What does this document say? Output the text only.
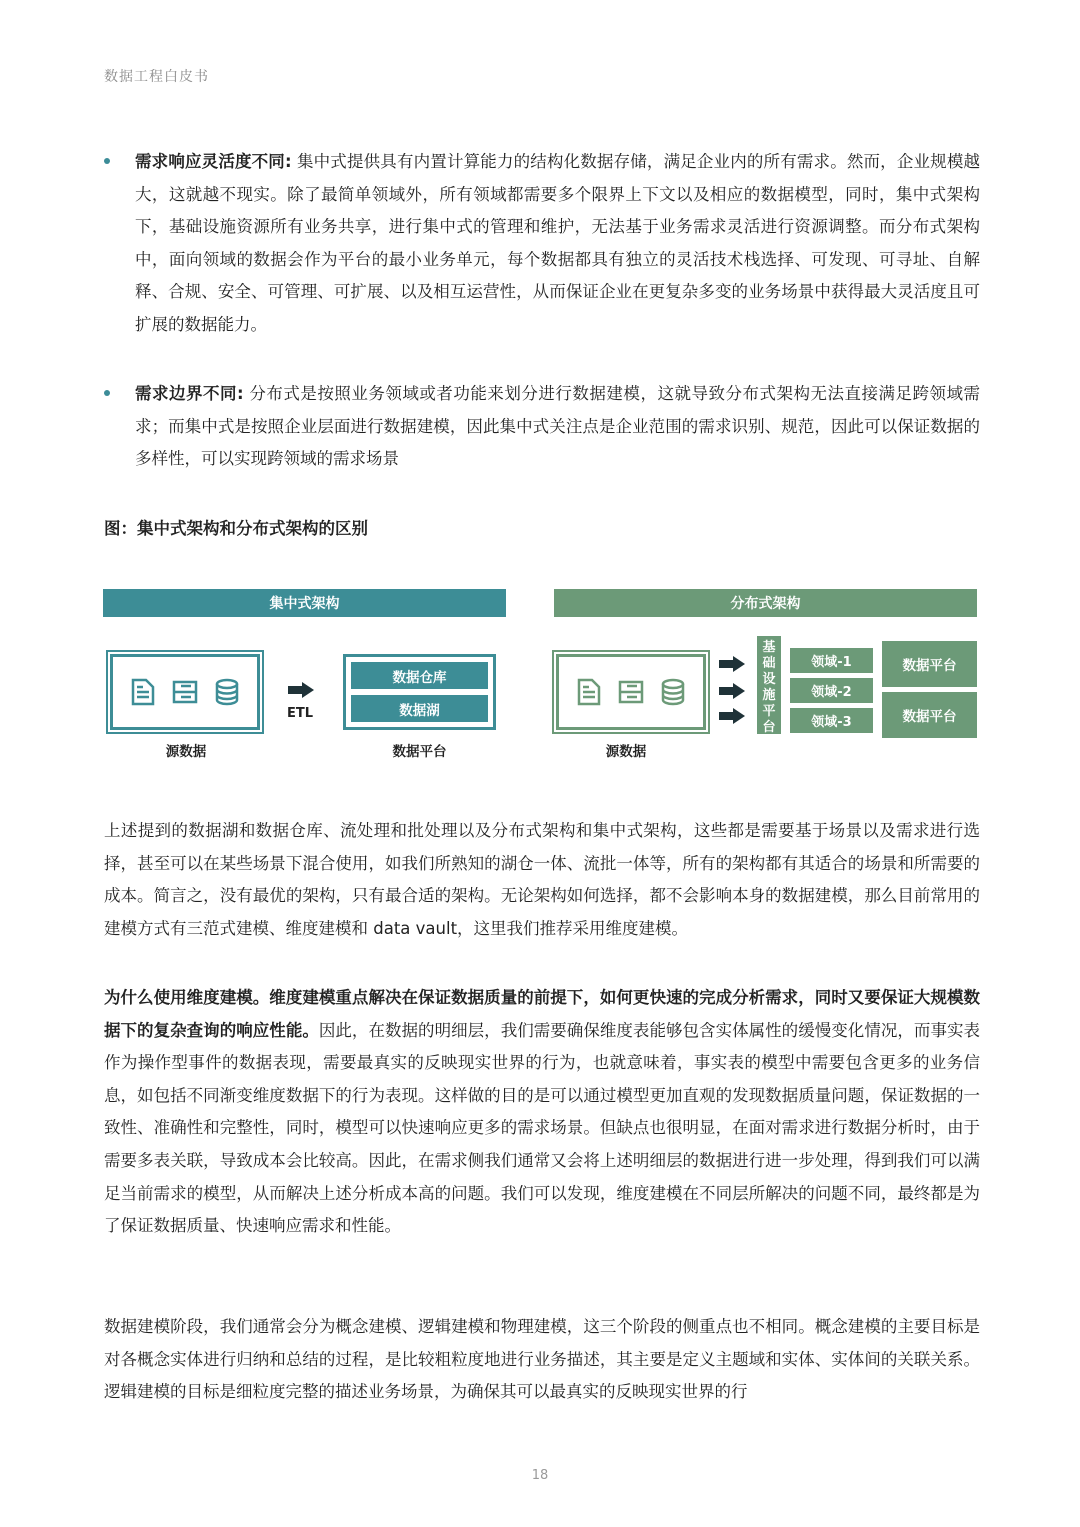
数据工程白皮书
需求响应灵活度不同: 集中式提供具有内置计算能力的结构化数据存储，满足企业内的所有需求。然而，企业规模越大，这就越不现实。除了最简单领域外，所有领域都需要多个限界上下文以及相应的数据模型，同时，集中式架构下，基础设施资源所有业务共享，进行集中式的管理和维护，无法基于业务需求灵活进行资源调整。而分布式架构中，面向领域的数据会作为平台的最小业务单元，每个数据都具有独立的灵活技术栈选择、可发现、可寻址、自解释、合规、安全、可管理、可扩展、以及相互运营性，从而保证企业在更复杂多变的业务场景中获得最大灵活度且可扩展的数据能力。
需求边界不同: 分布式是按照业务领域或者功能来划分进行数据建模，这就导致分布式架构无法直接满足跨领域需求；而集中式是按照企业层面进行数据建模，因此集中式关注点是企业范围的需求识别、规范，因此可以保证数据的多样性，可以实现跨领域的需求场景
图：集中式架构和分布式架构的区别
集中式架构
源数据
ETL
数据仓库
数据湖
数据平台
分布式架构
源数据
基
础
设
施
平
台
领域-1
领域-2
领域-3
数据平台
数据平台

上述提到的数据湖和数据仓库、流处理和批处理以及分布式架构和集中式架构，这些都是需要基于场景以及需求进行选择，甚至可以在某些场景下混合使用，如我们所熟知的湖仓一体、流批一体等，所有的架构都有其适合的场景和所需要的成本。简言之，没有最优的架构，只有最合适的架构。无论架构如何选择，都不会影响本身的数据建模，那么目前常用的建模方式有三范式建模、维度建模和 data vault，这里我们推荐采用维度建模。

为什么使用维度建模。维度建模重点解决在保证数据质量的前提下，如何更快速的完成分析需求，同时又要保证大规模数据下的复杂查询的响应性能。因此，在数据的明细层，我们需要确保维度表能够包含实体属性的缓慢变化情况，而事实表作为操作型事件的数据表现，需要最真实的反映现实世界的行为，也就意味着，事实表的模型中需要包含更多的业务信息，如包括不同渐变维度数据下的行为表现。这样做的目的是可以通过模型更加直观的发现数据质量问题，保证数据的一致性、准确性和完整性，同时，模型可以快速响应更多的需求场景。但缺点也很明显，在面对需求进行数据分析时，由于需要多表关联，导致成本会比较高。因此，在需求侧我们通常又会将上述明细层的数据进行进一步处理，得到我们可以满足当前需求的模型，从而解决上述分析成本高的问题。我们可以发现，维度建模在不同层所解决的问题不同，最终都是为了保证数据质量、快速响应需求和性能。

数据建模阶段，我们通常会分为概念建模、逻辑建模和物理建模，这三个阶段的侧重点也不相同。概念建模的主要目标是对各概念实体进行归纳和总结的过程，是比较粗粒度地进行业务描述，其主要是定义主题域和实体、实体间的关联关系。逻辑建模的目标是细粒度完整的描述业务场景，为确保其可以最真实的反映现实世界的行

18
